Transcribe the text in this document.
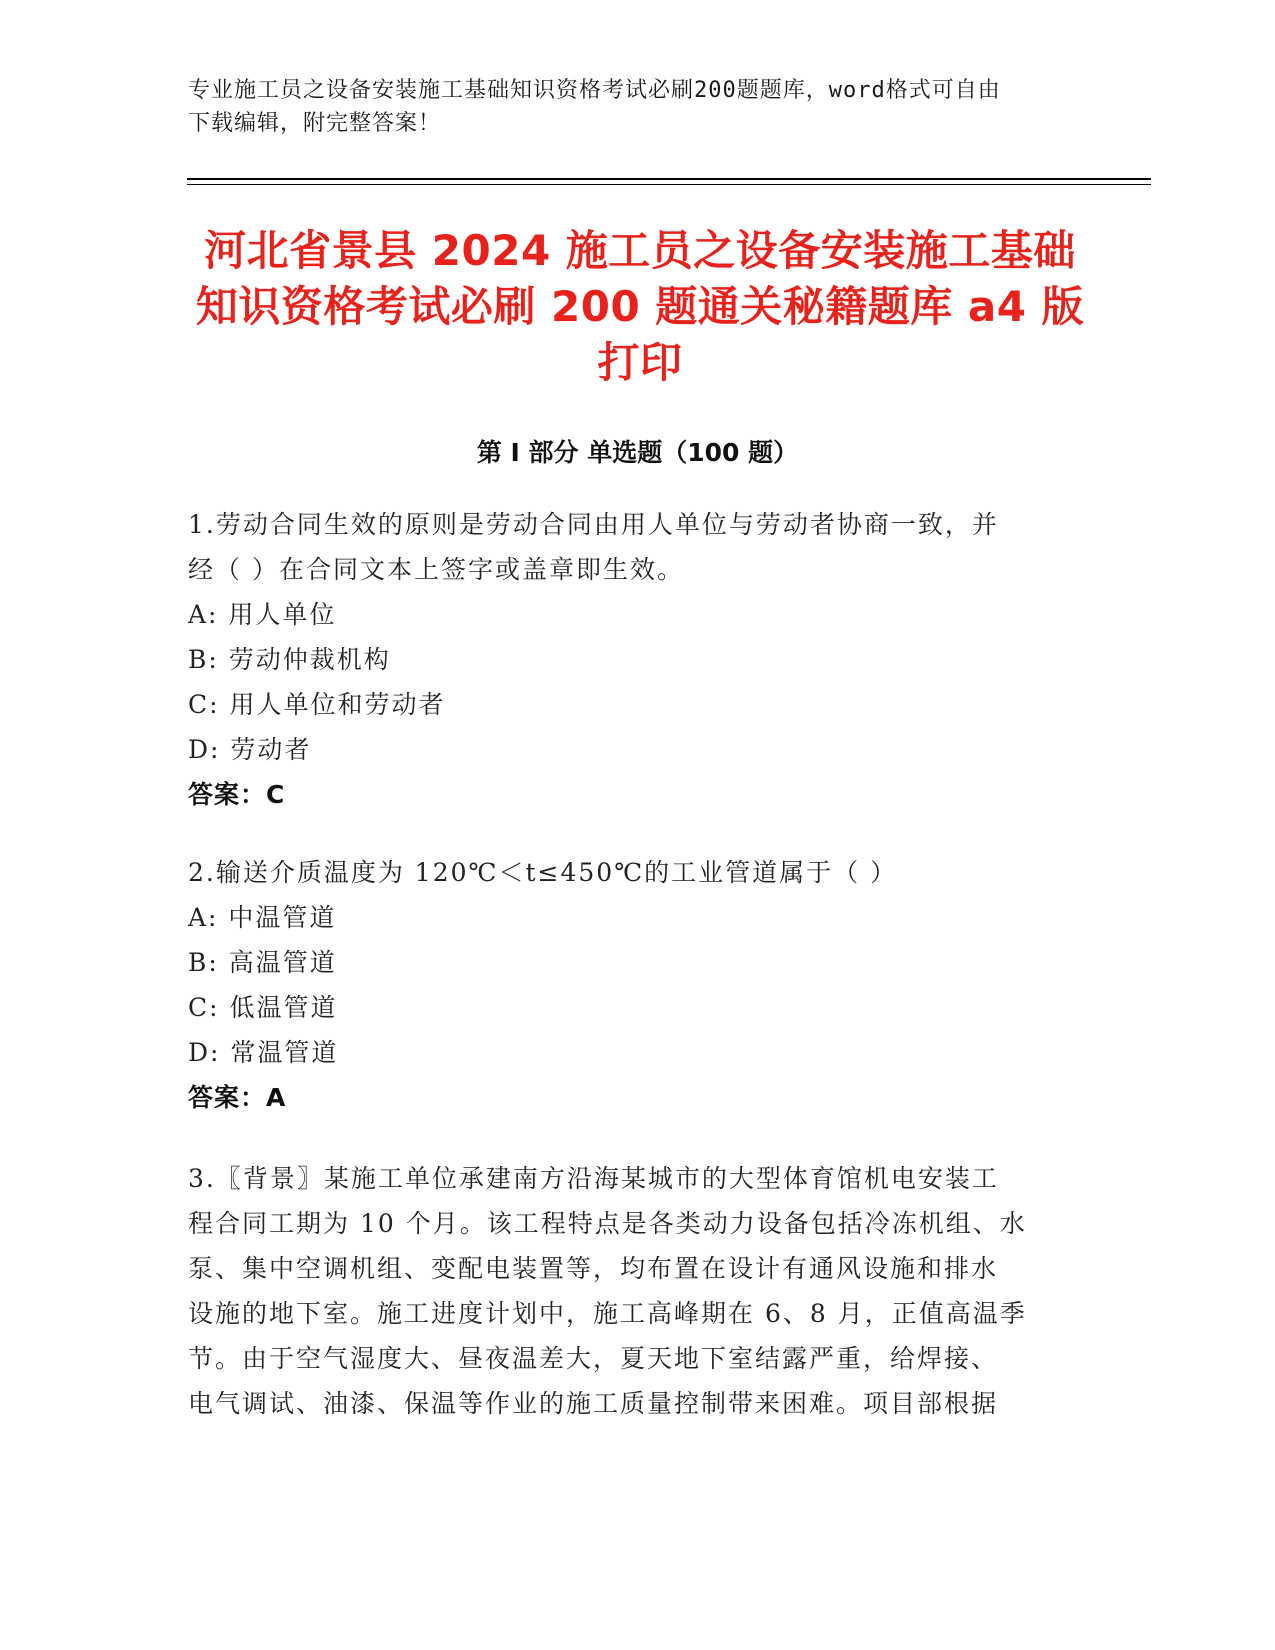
专业施工员之设备安装施工基础知识资格考试必刷200题题库，word格式可自由
下载编辑，附完整答案！
河北省景县 2024 施工员之设备安装施工基础
知识资格考试必刷 200 题通关秘籍题库 a4 版
打印
第 I 部分 单选题（100 题）
1.劳动合同生效的原则是劳动合同由用人单位与劳动者协商一致，并
经（ ）在合同文本上签字或盖章即生效。
A: 用人单位
B: 劳动仲裁机构
C: 用人单位和劳动者
D: 劳动者
答案：C
2.输送介质温度为 120℃＜t≤450℃的工业管道属于（ ）
A: 中温管道
B: 高温管道
C: 低温管道
D: 常温管道
答案：A
3.〖背景〗某施工单位承建南方沿海某城市的大型体育馆机电安装工
程合同工期为 10 个月。该工程特点是各类动力设备包括冷冻机组、水
泵、集中空调机组、变配电装置等，均布置在设计有通风设施和排水
设施的地下室。施工进度计划中，施工高峰期在 6、8 月，正值高温季
节。由于空气湿度大、昼夜温差大，夏天地下室结露严重，给焊接、
电气调试、油漆、保温等作业的施工质量控制带来困难。项目部根据
